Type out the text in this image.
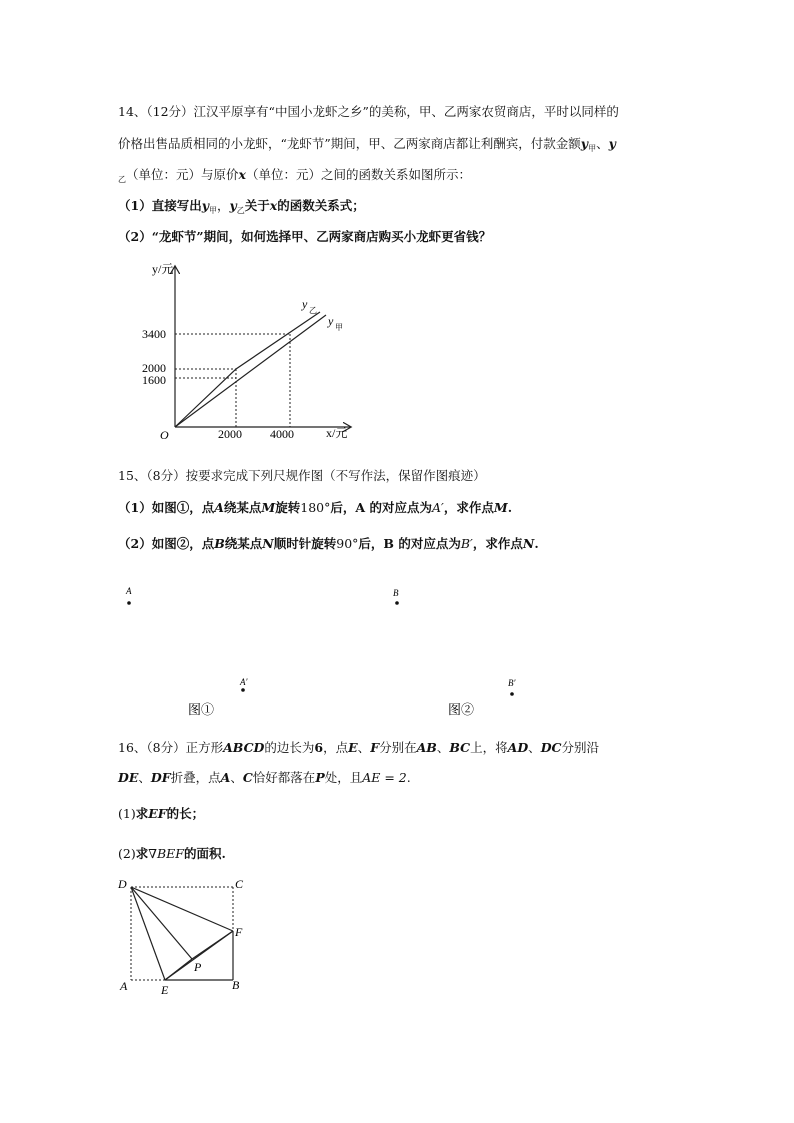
14、（12分）江汉平原享有“中国小龙虾之乡”的美称，甲、乙两家农贸商店，平时以同样的
价格出售品质相同的小龙虾，“龙虾节”期间，甲、乙两家商店都让利酬宾，付款金额$y_甲$、y
$_乙$（单位：元）与原价x（单位：元）之间的函数关系如图所示：
（1）直接写出$y_甲$，$y_乙$关于x的函数关系式；
（2）“龙虾节”期间，如何选择甲、乙两家商店购买小龙虾更省钱？
y/元
x/元
O
3400
2000
1600
2000 4000
y 乙
y 甲
15、（8分）按要求完成下列尺规作图（不写作法，保留作图痕迹）
（1）如图①，点A绕某点M旋转180°后，A 的对应点为A′，求作点M.
（2）如图②，点B绕某点N顺时针旋转90°后，B 的对应点为B′，求作点N.
A
A′
图①
B
B′
图②
16、（8分）正方形ABCD的边长为6，点E、F分别在AB、BC上，将AD、DC分别沿
DE、DF折叠，点A、C恰好都落在P处，且AE = 2.
(1)求EF的长；
(2)求∇BEF的面积.
D	C
F
P
A	E	B
